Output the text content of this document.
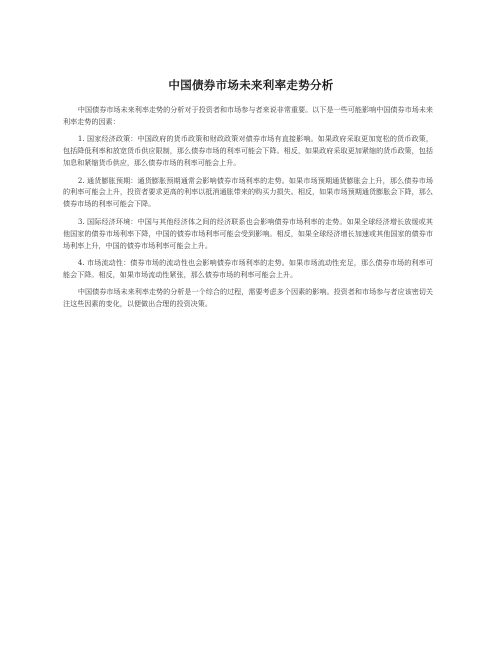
中国债券市场未来利率走势分析

中国债券市场未来利率走势的分析对于投资者和市场参与者来说非常重要。以下是一些可能影响中国债券市场未来利率走势的因素：

1. 国家经济政策：中国政府的货币政策和财政政策对债券市场有直接影响。如果政府采取更加宽松的货币政策，包括降低利率和放宽货币供应限制，那么债券市场的利率可能会下降。相反，如果政府采取更加紧缩的货币政策，包括加息和紧缩货币供应，那么债券市场的利率可能会上升。

2. 通货膨胀预期：通货膨胀预期通常会影响债券市场利率的走势。如果市场预期通货膨胀会上升，那么债券市场的利率可能会上升，投资者要求更高的利率以抵消通胀带来的购买力损失。相反，如果市场预期通货膨胀会下降，那么债券市场的利率可能会下降。

3. 国际经济环境：中国与其他经济体之间的经济联系也会影响债券市场利率的走势。如果全球经济增长放缓或其他国家的债券市场利率下降，中国的债券市场利率可能会受到影响。相反，如果全球经济增长加速或其他国家的债券市场利率上升，中国的债券市场利率可能会上升。

4. 市场流动性：债券市场的流动性也会影响债券市场利率的走势。如果市场流动性充足，那么债券市场的利率可能会下降。相反，如果市场流动性紧张，那么债券市场的利率可能会上升。

中国债券市场未来利率走势的分析是一个综合的过程，需要考虑多个因素的影响。投资者和市场参与者应该密切关注这些因素的变化，以便做出合理的投资决策。
